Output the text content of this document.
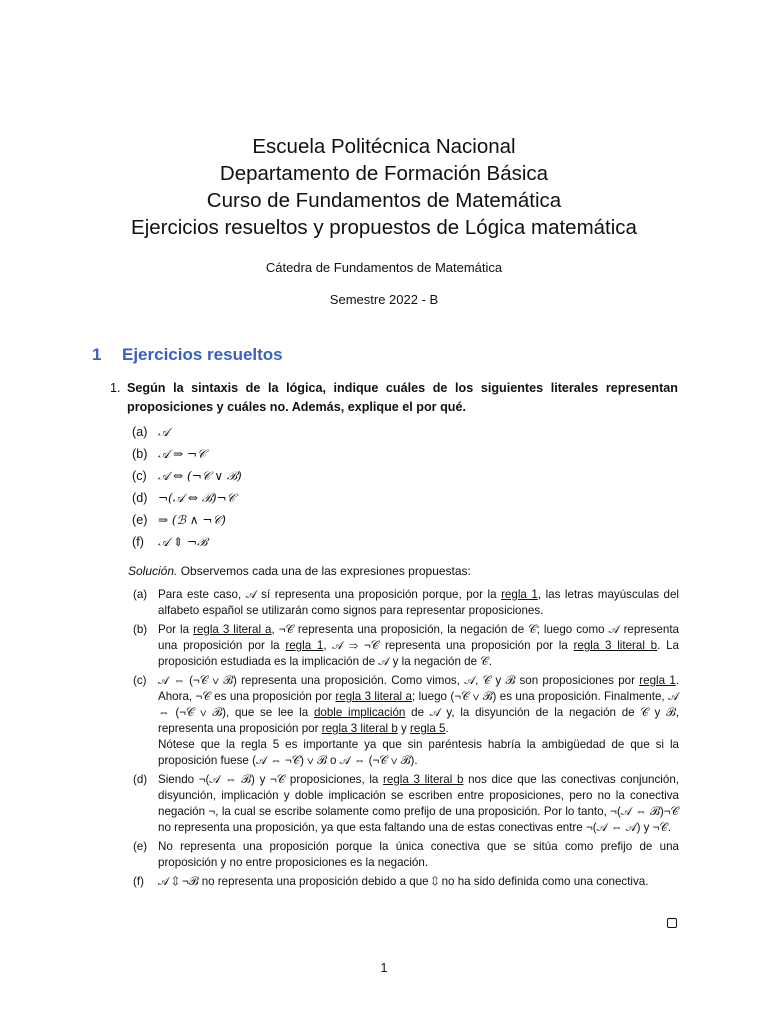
Escuela Politécnica Nacional
Departamento de Formación Básica
Curso de Fundamentos de Matemática
Ejercicios resueltos y propuestos de Lógica matemática
Cátedra de Fundamentos de Matemática
Semestre 2022 - B
1 Ejercicios resueltos
1. Según la sintaxis de la lógica, indique cuáles de los siguientes literales representan proposiciones y cuáles no. Además, explique el por qué.
(a) 𝒜
(b) 𝒜 ⇒ ¬𝒞
(c) 𝒜 ⇔ (¬𝒞 ∨ ℬ)
(d) ¬(𝒜 ⇔ ℬ)¬𝒞
(e) ⇒ (ℬ ∧ ¬𝒞)
(f) 𝒜 ⇕ ¬ℬ
Solución. Observemos cada una de las expresiones propuestas:
(a) Para este caso, 𝒜 sí representa una proposición porque, por la regla 1, las letras mayúsculas del alfabeto español se utilizarán como signos para representar proposiciones.

(b) Por la regla 3 literal a, ¬𝒞 representa una proposición, la negación de 𝒞; luego como 𝒜 representa una proposición por la regla 1, 𝒜 ⇒ ¬𝒞 representa una proposición por la regla 3 literal b. La proposición estudiada es la implicación de 𝒜 y la negación de 𝒞.

(c) 𝒜 ⇔ (¬𝒞 ∨ ℬ) representa una proposición. Como vimos, 𝒜, 𝒞 y ℬ son proposiciones por regla 1. Ahora, ¬𝒞 es una proposición por regla 3 literal a; luego (¬𝒞 ∨ ℬ) es una proposición. Finalmente, 𝒜 ⇔ (¬𝒞 ∨ ℬ), que se lee la doble implicación de 𝒜 y, la disyunción de la negación de 𝒞 y ℬ, representa una proposición por regla 3 literal b y regla 5.

Nótese que la regla 5 es importante ya que sin paréntesis habría la ambigüedad de que si la proposición fuese (𝒜 ⇔ ¬𝒞) ∨ ℬ o 𝒜 ⇔ (¬𝒞 ∨ ℬ).

(d) Siendo ¬(𝒜 ⇔ ℬ) y ¬𝒞 proposiciones, la regla 3 literal b nos dice que las conectivas conjunción, disyunción, implicación y doble implicación se escriben entre proposiciones, pero no la conectiva negación ¬, la cual se escribe solamente como prefijo de una proposición. Por lo tanto, ¬(𝒜 ⇔ ℬ)¬𝒞 no representa una proposición, ya que esta faltando una de estas conectivas entre ¬(𝒜 ⇔ 𝒜) y ¬𝒞.

(e) No representa una proposición porque la única conectiva que se sitúa como prefijo de una proposición y no entre proposiciones es la negación.

(f) 𝒜 ⇕ ¬ℬ no representa una proposición debido a que ⇕ no ha sido definida como una conectiva.

1
